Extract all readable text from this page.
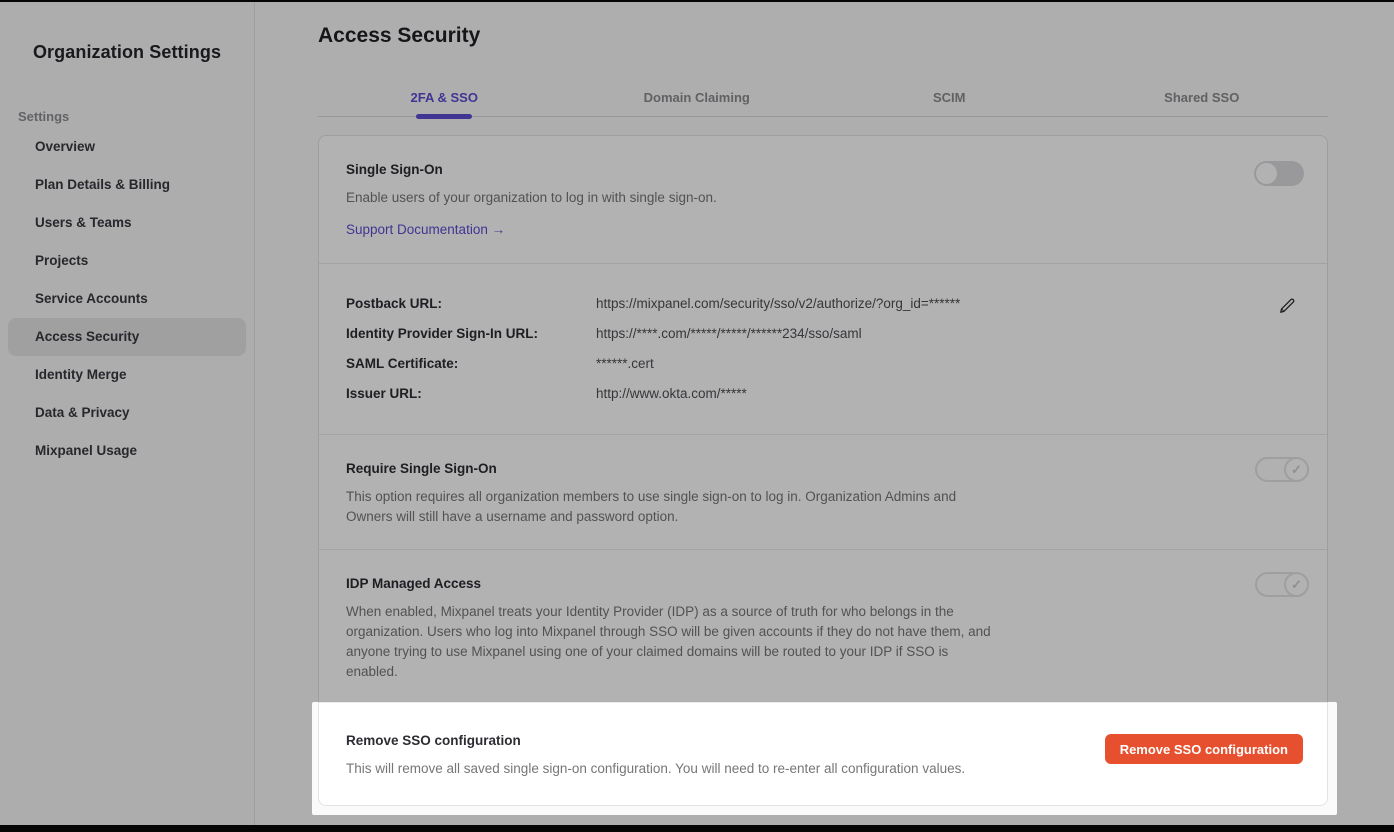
Organization Settings
Settings
Overview
Plan Details & Billing
Users & Teams
Projects
Service Accounts
Access Security
Identity Merge
Data & Privacy
Mixpanel Usage
Access Security
2FA & SSO	Domain Claiming	SCIM	Shared SSO
Single Sign-On
Enable users of your organization to log in with single sign-on.
Support Documentation →
Postback URL:	https://mixpanel.com/security/sso/v2/authorize/?org_id=******
Identity Provider Sign-In URL:	https://****.com/*****/*****/******234/sso/saml
SAML Certificate:	******.cert
Issuer URL:	http://www.okta.com/*****
Require Single Sign-On
This option requires all organization members to use single sign-on to log in. Organization Admins and Owners will still have a username and password option.
✓
IDP Managed Access
When enabled, Mixpanel treats your Identity Provider (IDP) as a source of truth for who belongs in the organization. Users who log into Mixpanel through SSO will be given accounts if they do not have them, and anyone trying to use Mixpanel using one of your claimed domains will be routed to your IDP if SSO is enabled.
✓
Remove SSO configuration
This will remove all saved single sign-on configuration. You will need to re-enter all configuration values.
Remove SSO configuration
